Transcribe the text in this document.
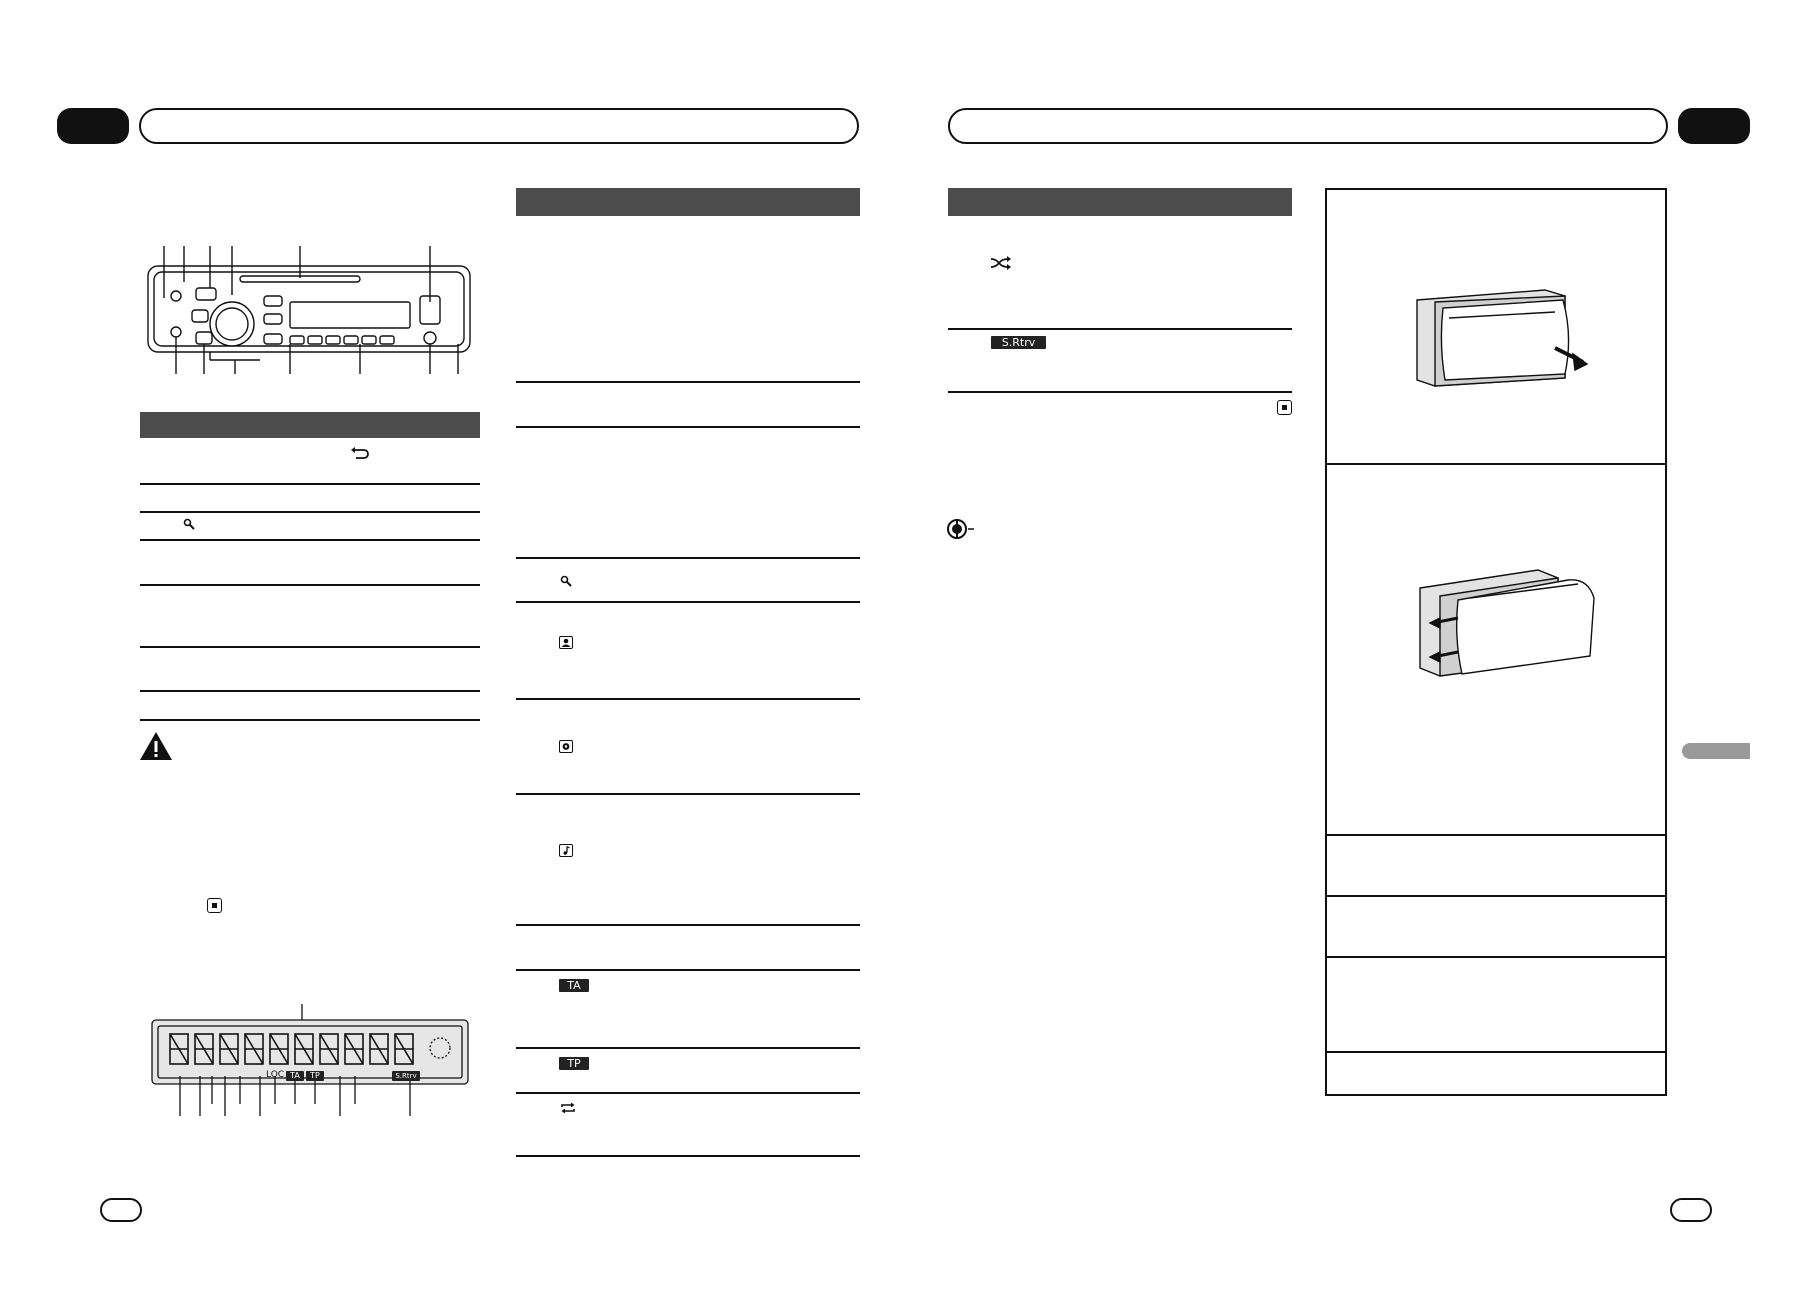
LOC TA	TP	S.Rtrv
TA
TP
S.Rtrv
